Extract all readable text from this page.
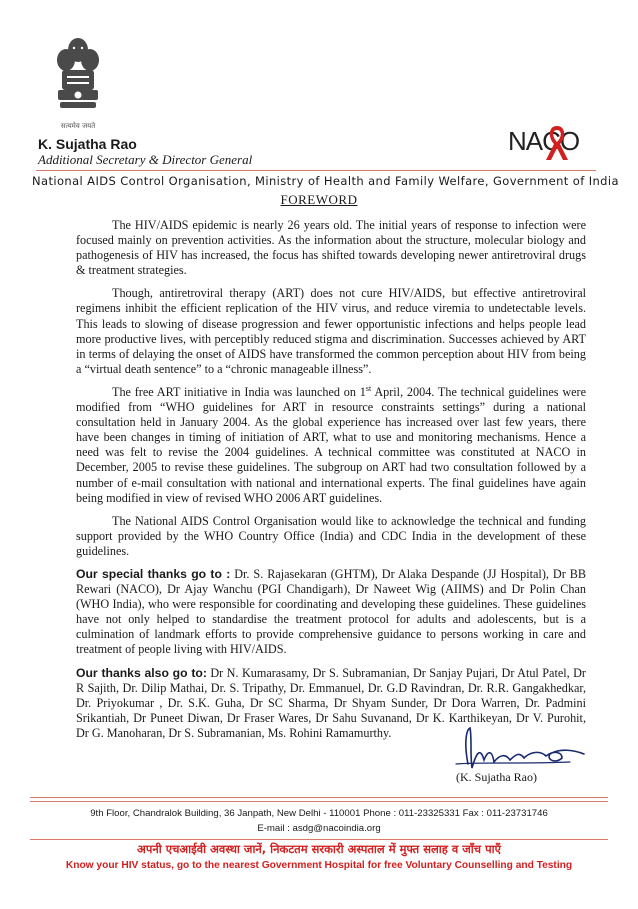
सत्यमेव जयते	NACO
K. Sujatha Rao
Additional Secretary & Director General
National AIDS Control Organisation, Ministry of Health and Family Welfare, Government of India
FOREWORD

The HIV/AIDS epidemic is nearly 26 years old. The initial years of response to infection were focused mainly on prevention activities. As the information about the structure, molecular biology and pathogenesis of HIV has increased, the focus has shifted towards developing newer antiretroviral drugs & treatment strategies.

Though, antiretroviral therapy (ART) does not cure HIV/AIDS, but effective antiretroviral regimens inhibit the efficient replication of the HIV virus, and reduce viremia to undetectable levels. This leads to slowing of disease progression and fewer opportunistic infections and helps people lead more productive lives, with perceptibly reduced stigma and discrimination. Successes achieved by ART in terms of delaying the onset of AIDS have transformed the common perception about HIV from being a “virtual death sentence” to a “chronic manageable illness”.

The free ART initiative in India was launched on 1st April, 2004. The technical guidelines were modified from “WHO guidelines for ART in resource constraints settings” during a national consultation held in January 2004. As the global experience has increased over last few years, there have been changes in timing of initiation of ART, what to use and monitoring mechanisms. Hence a need was felt to revise the 2004 guidelines. A technical committee was constituted at NACO in December, 2005 to revise these guidelines. The subgroup on ART had two consultation followed by a number of e-mail consultation with national and international experts. The final guidelines have again being modified in view of revised WHO 2006 ART guidelines.

The National AIDS Control Organisation would like to acknowledge the technical and funding support provided by the WHO Country Office (India) and CDC India in the development of these guidelines.

Our special thanks go to : Dr. S. Rajasekaran (GHTM), Dr Alaka Despande (JJ Hospital), Dr BB Rewari (NACO), Dr Ajay Wanchu (PGI Chandigarh), Dr Naweet Wig (AIIMS) and Dr Polin Chan (WHO India), who were responsible for coordinating and developing these guidelines. These guidelines have not only helped to standardise the treatment protocol for adults and adolescents, but is a culmination of landmark efforts to provide comprehensive guidance to persons working in care and treatment of people living with HIV/AIDS.

Our thanks also go to: Dr N. Kumarasamy, Dr S. Subramanian, Dr Sanjay Pujari, Dr Atul Patel, Dr R Sajith, Dr. Dilip Mathai, Dr. S. Tripathy, Dr. Emmanuel, Dr. G.D Ravindran, Dr. R.R. Gangakhedkar, Dr. Priyokumar , Dr. S.K. Guha, Dr SC Sharma, Dr Shyam Sunder, Dr Dora Warren, Dr. Padmini Srikantiah, Dr Puneet Diwan, Dr Fraser Wares, Dr Sahu Suvanand, Dr K. Karthikeyan, Dr V. Purohit, Dr G. Manoharan, Dr S. Subramanian, Ms. Rohini Ramamurthy.

(K. Sujatha Rao)
9th Floor, Chandralok Building, 36 Janpath, New Delhi - 110001 Phone : 011-23325331 Fax : 011-23731746
E-mail : asdg@nacoindia.org
अपनी एचआईवी अवस्था जानें, निकटतम सरकारी अस्पताल में मुफ्त सलाह व जाँच पाएँ
Know your HIV status, go to the nearest Government Hospital for free Voluntary Counselling and Testing
